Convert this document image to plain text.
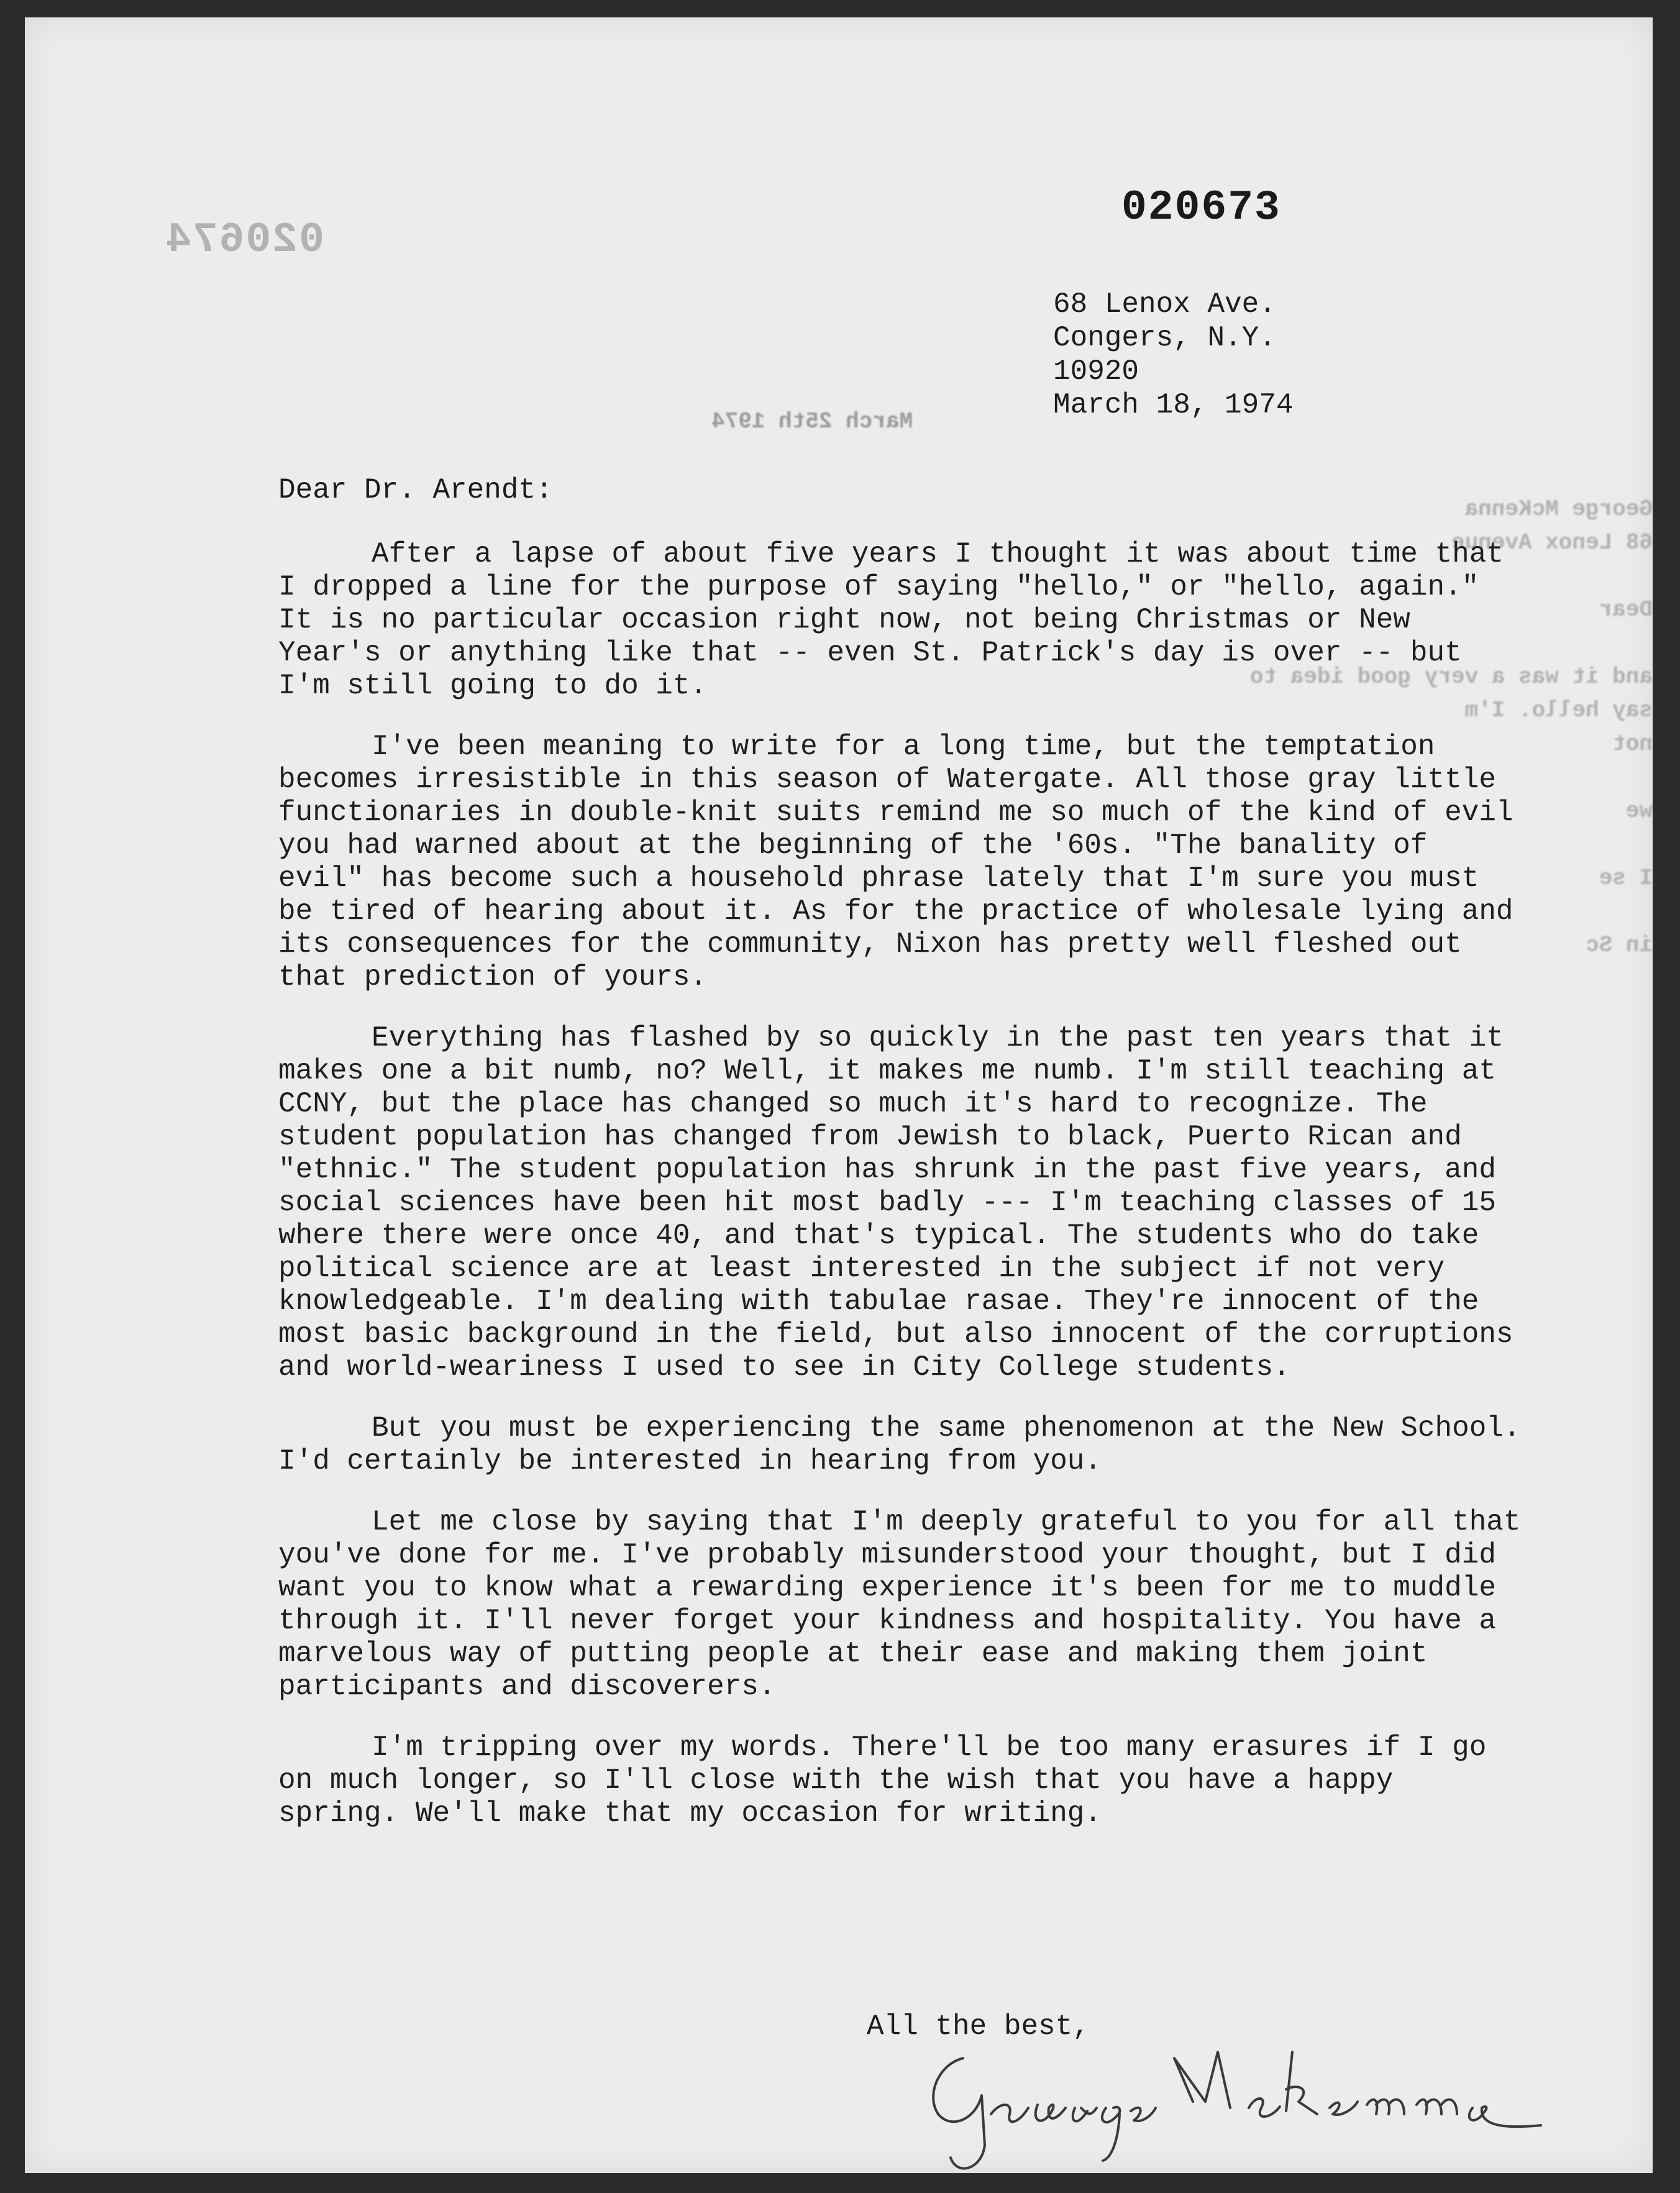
020674
020673
68 Lenox Ave.
Congers, N.Y.
10920
March 18, 1974
March 25th 1974
George McKenna
68 Lenox Avenue

Dear

and it was a very good idea to say hello. I'm
not

we

I se

in Sc
Dear Dr. Arendt:

After a lapse of about five years I thought it was about time that I dropped a line for the purpose of saying "hello," or "hello, again." It is no particular occasion right now, not being Christmas or New Year's or anything like that -- even St. Patrick's day is over -- but I'm still going to do it.

I've been meaning to write for a long time, but the temptation becomes irresistible in this season of Watergate. All those gray little functionaries in double-knit suits remind me so much of the kind of evil you had warned about at the beginning of the '60s. "The banality of evil" has become such a household phrase lately that I'm sure you must be tired of hearing about it. As for the practice of wholesale lying and its consequences for the community, Nixon has pretty well fleshed out that prediction of yours.

Everything has flashed by so quickly in the past ten years that it makes one a bit numb, no? Well, it makes me numb. I'm still teaching at CCNY, but the place has changed so much it's hard to recognize. The student population has changed from Jewish to black, Puerto Rican and "ethnic." The student population has shrunk in the past five years, and social sciences have been hit most badly --- I'm teaching classes of 15 where there were once 40, and that's typical. The students who do take political science are at least interested in the subject if not very knowledgeable. I'm dealing with tabulae rasae. They're innocent of the most basic background in the field, but also innocent of the corruptions and world-weariness I used to see in City College students.

But you must be experiencing the same phenomenon at the New School. I'd certainly be interested in hearing from you.

Let me close by saying that I'm deeply grateful to you for all that you've done for me. I've probably misunderstood your thought, but I did want you to know what a rewarding experience it's been for me to muddle through it. I'll never forget your kindness and hospitality. You have a marvelous way of putting people at their ease and making them joint participants and discoverers.

I'm tripping over my words. There'll be too many erasures if I go on much longer, so I'll close with the wish that you have a happy spring. We'll make that my occasion for writing.

All the best,
